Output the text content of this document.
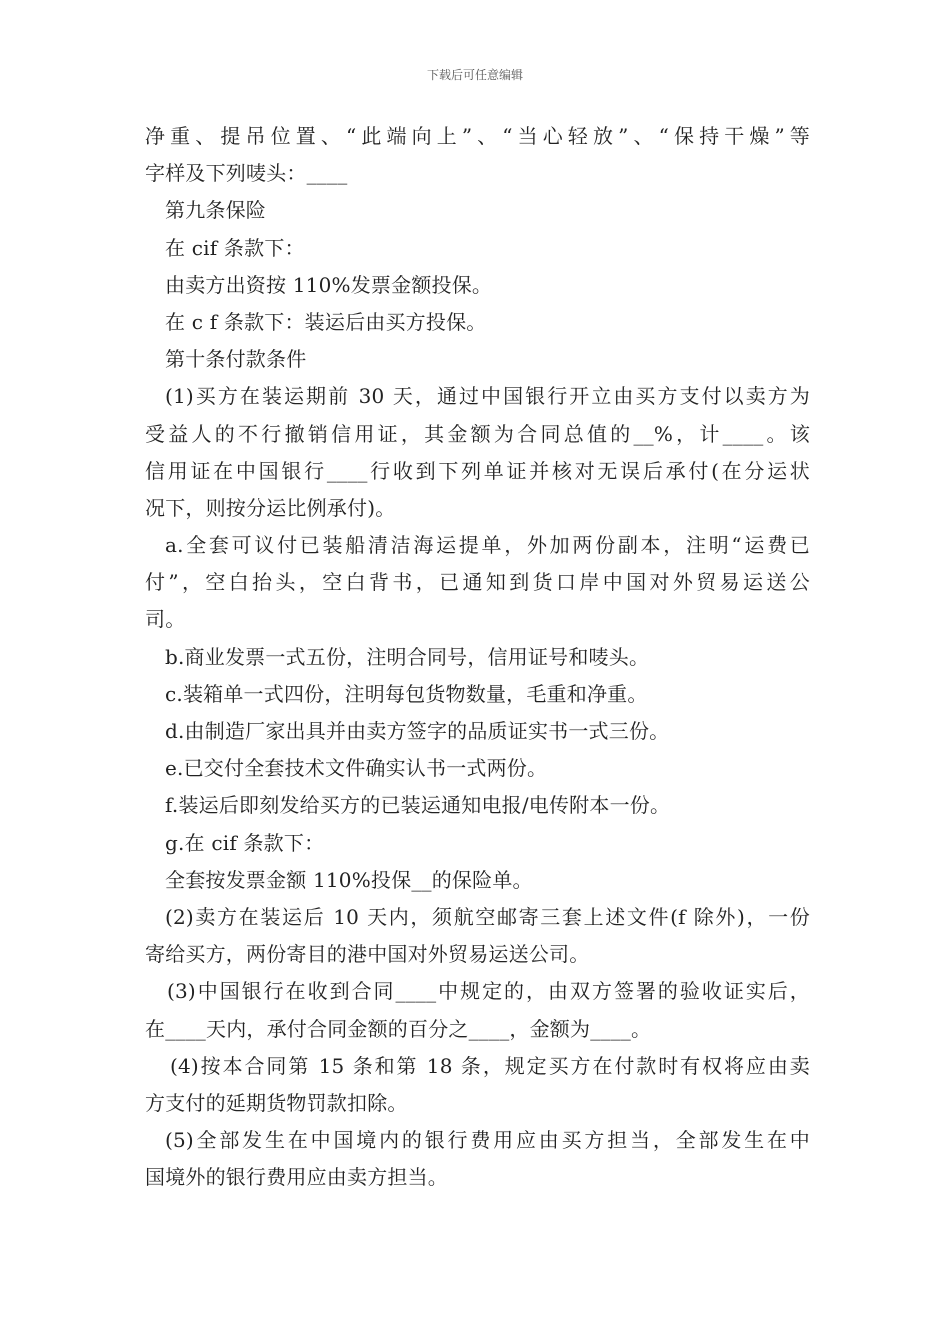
下载后可任意编辑
净重、提吊位置、“此端向上”、“当心轻放”、“保持干燥”等
字样及下列唛头：____
第九条保险
在 cif 条款下：
由卖方出资按 110%发票金额投保。
在 c f 条款下：装运后由买方投保。
第十条付款条件
(1)买方在装运期前 30 天，通过中国银行开立由买方支付以卖方为
受益人的不行撤销信用证，其金额为合同总值的__%，计____。该
信用证在中国银行____行收到下列单证并核对无误后承付(在分运状
况下，则按分运比例承付)。
a.全套可议付已装船清洁海运提单，外加两份副本，注明“运费已
付”，空白抬头，空白背书，已通知到货口岸中国对外贸易运送公
司。
b.商业发票一式五份，注明合同号，信用证号和唛头。
c.装箱单一式四份，注明每包货物数量，毛重和净重。
d.由制造厂家出具并由卖方签字的品质证实书一式三份。
e.已交付全套技术文件确实认书一式两份。
f.装运后即刻发给买方的已装运通知电报/电传附本一份。
g.在 cif 条款下：
全套按发票金额 110%投保__的保险单。
(2)卖方在装运后 10 天内，须航空邮寄三套上述文件(f 除外)，一份
寄给买方，两份寄目的港中国对外贸易运送公司。
(3)中国银行在收到合同____中规定的，由双方签署的验收证实后，
在____天内，承付合同金额的百分之____，金额为____。
(4)按本合同第 15 条和第 18 条，规定买方在付款时有权将应由卖
方支付的延期货物罚款扣除。
(5)全部发生在中国境内的银行费用应由买方担当，全部发生在中
国境外的银行费用应由卖方担当。
